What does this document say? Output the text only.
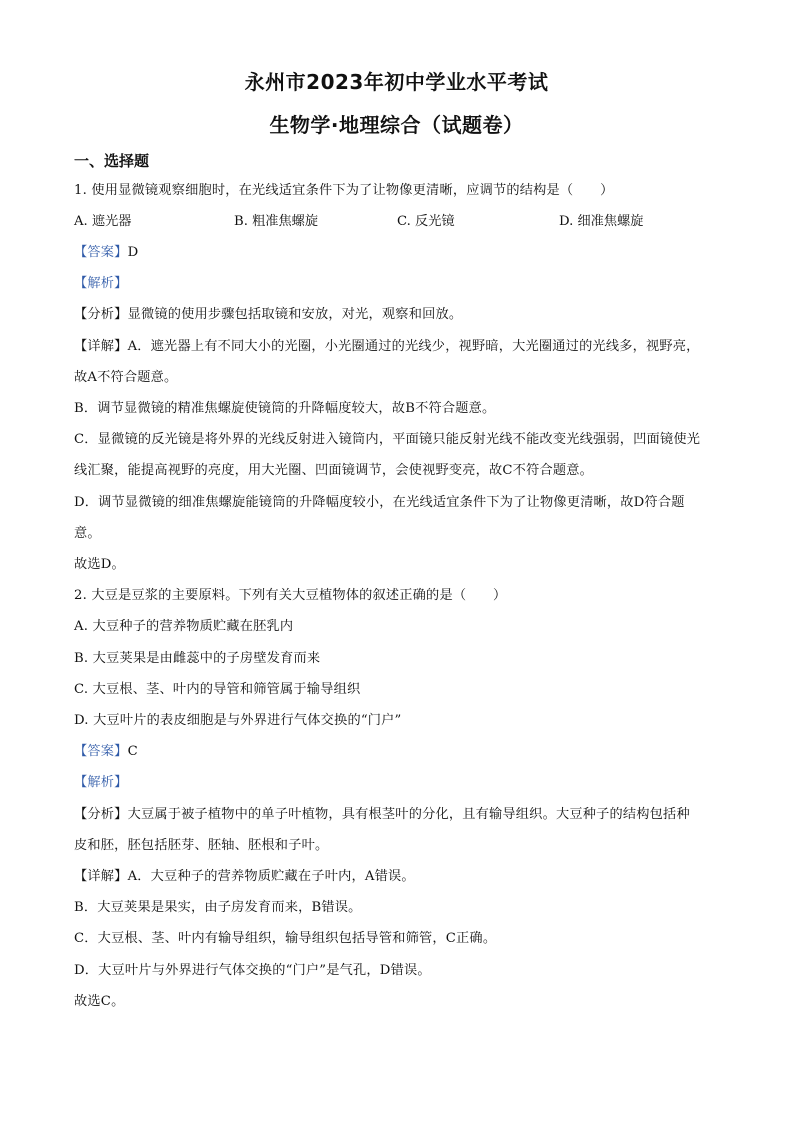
永州市2023年初中学业水平考试
生物学·地理综合（试题卷）
一、选择题
1. 使用显微镜观察细胞时，在光线适宜条件下为了让物像更清晰，应调节的结构是（　　）
A. 遮光器	B. 粗准焦螺旋	C. 反光镜	D. 细准焦螺旋
【答案】D
【解析】
【分析】显微镜的使用步骤包括取镜和安放，对光，观察和回放。
【详解】A．遮光器上有不同大小的光圈，小光圈通过的光线少，视野暗，大光圈通过的光线多，视野亮，
故A不符合题意。
B．调节显微镜的精准焦螺旋使镜筒的升降幅度较大，故B不符合题意。
C．显微镜的反光镜是将外界的光线反射进入镜筒内，平面镜只能反射光线不能改变光线强弱，凹面镜使光
线汇聚，能提高视野的亮度，用大光圈、凹面镜调节，会使视野变亮，故C不符合题意。
D．调节显微镜的细准焦螺旋能镜筒的升降幅度较小，在光线适宜条件下为了让物像更清晰，故D符合题
意。
故选D。
2. 大豆是豆浆的主要原料。下列有关大豆植物体的叙述正确的是（　　）
A. 大豆种子的营养物质贮藏在胚乳内
B. 大豆荚果是由雌蕊中的子房壁发育而来
C. 大豆根、茎、叶内的导管和筛管属于输导组织
D. 大豆叶片的表皮细胞是与外界进行气体交换的“门户”
【答案】C
【解析】
【分析】大豆属于被子植物中的单子叶植物，具有根茎叶的分化，且有输导组织。大豆种子的结构包括种
皮和胚，胚包括胚芽、胚轴、胚根和子叶。
【详解】A．大豆种子的营养物质贮藏在子叶内，A错误。
B．大豆荚果是果实，由子房发育而来，B错误。
C．大豆根、茎、叶内有输导组织，输导组织包括导管和筛管，C正确。
D．大豆叶片与外界进行气体交换的“门户”是气孔，D错误。
故选C。
